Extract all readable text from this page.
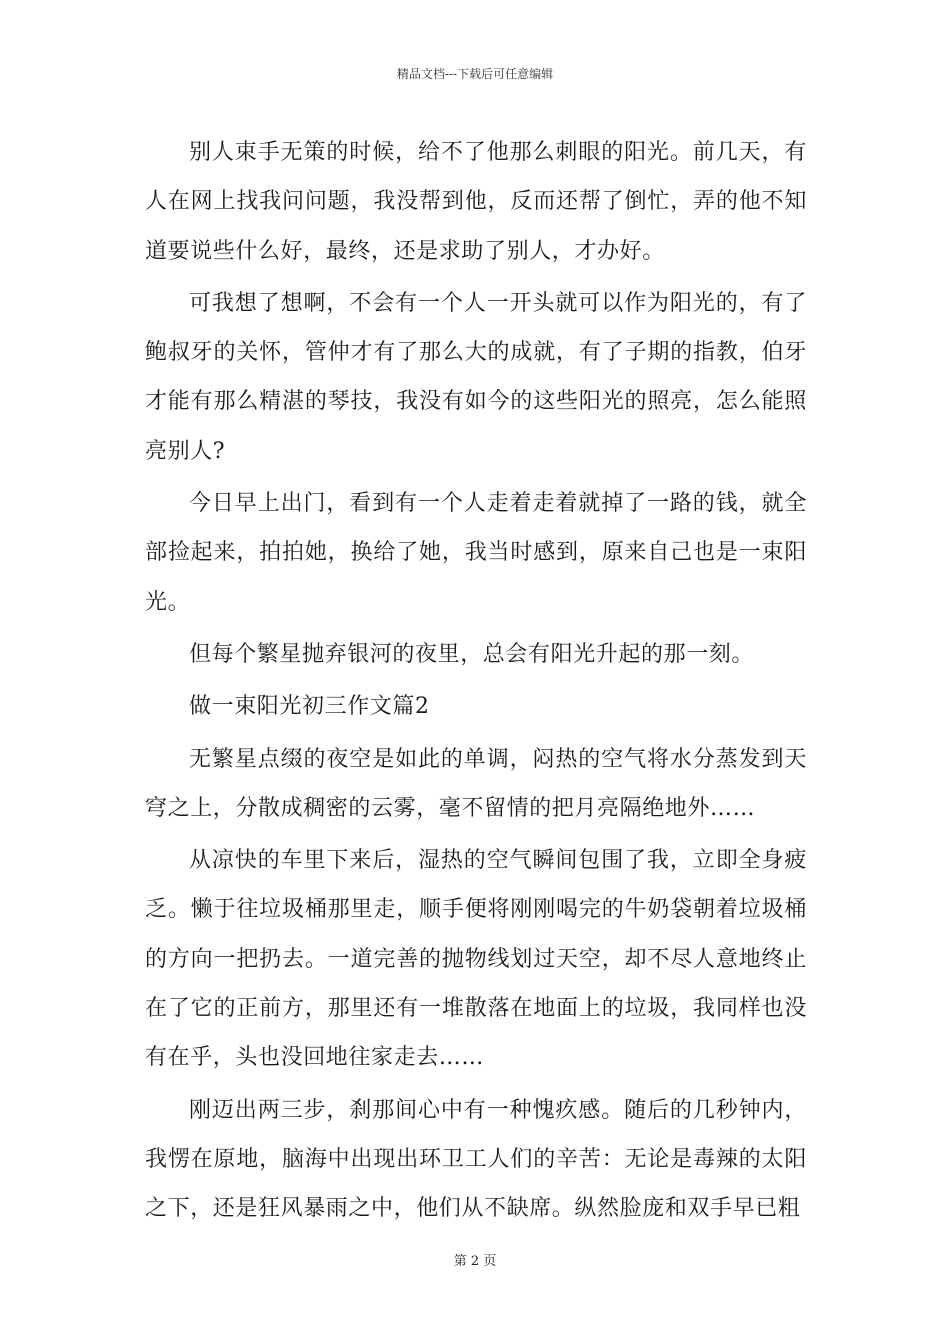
精品文档---下载后可任意编辑

别人束手无策的时候，给不了他那么刺眼的阳光。前几天，有人在网上找我问问题，我没帮到他，反而还帮了倒忙，弄的他不知道要说些什么好，最终，还是求助了别人，才办好。

可我想了想啊，不会有一个人一开头就可以作为阳光的，有了鲍叔牙的关怀，管仲才有了那么大的成就，有了子期的指教，伯牙才能有那么精湛的琴技，我没有如今的这些阳光的照亮，怎么能照亮别人?

今日早上出门，看到有一个人走着走着就掉了一路的钱，就全部捡起来，拍拍她，换给了她，我当时感到，原来自己也是一束阳光。

但每个繁星抛弃银河的夜里，总会有阳光升起的那一刻。

做一束阳光初三作文篇2

无繁星点缀的夜空是如此的单调，闷热的空气将水分蒸发到天穹之上，分散成稠密的云雾，毫不留情的把月亮隔绝地外……

从凉快的车里下来后，湿热的空气瞬间包围了我，立即全身疲乏。懒于往垃圾桶那里走，顺手便将刚刚喝完的牛奶袋朝着垃圾桶的方向一把扔去。一道完善的抛物线划过天空，却不尽人意地终止在了它的正前方，那里还有一堆散落在地面上的垃圾，我同样也没有在乎，头也没回地往家走去……

刚迈出两三步，刹那间心中有一种愧疚感。随后的几秒钟内，我愣在原地，脑海中出现出环卫工人们的辛苦：无论是毒辣的太阳之下，还是狂风暴雨之中，他们从不缺席。纵然脸庞和双手早已粗

第 2 页
